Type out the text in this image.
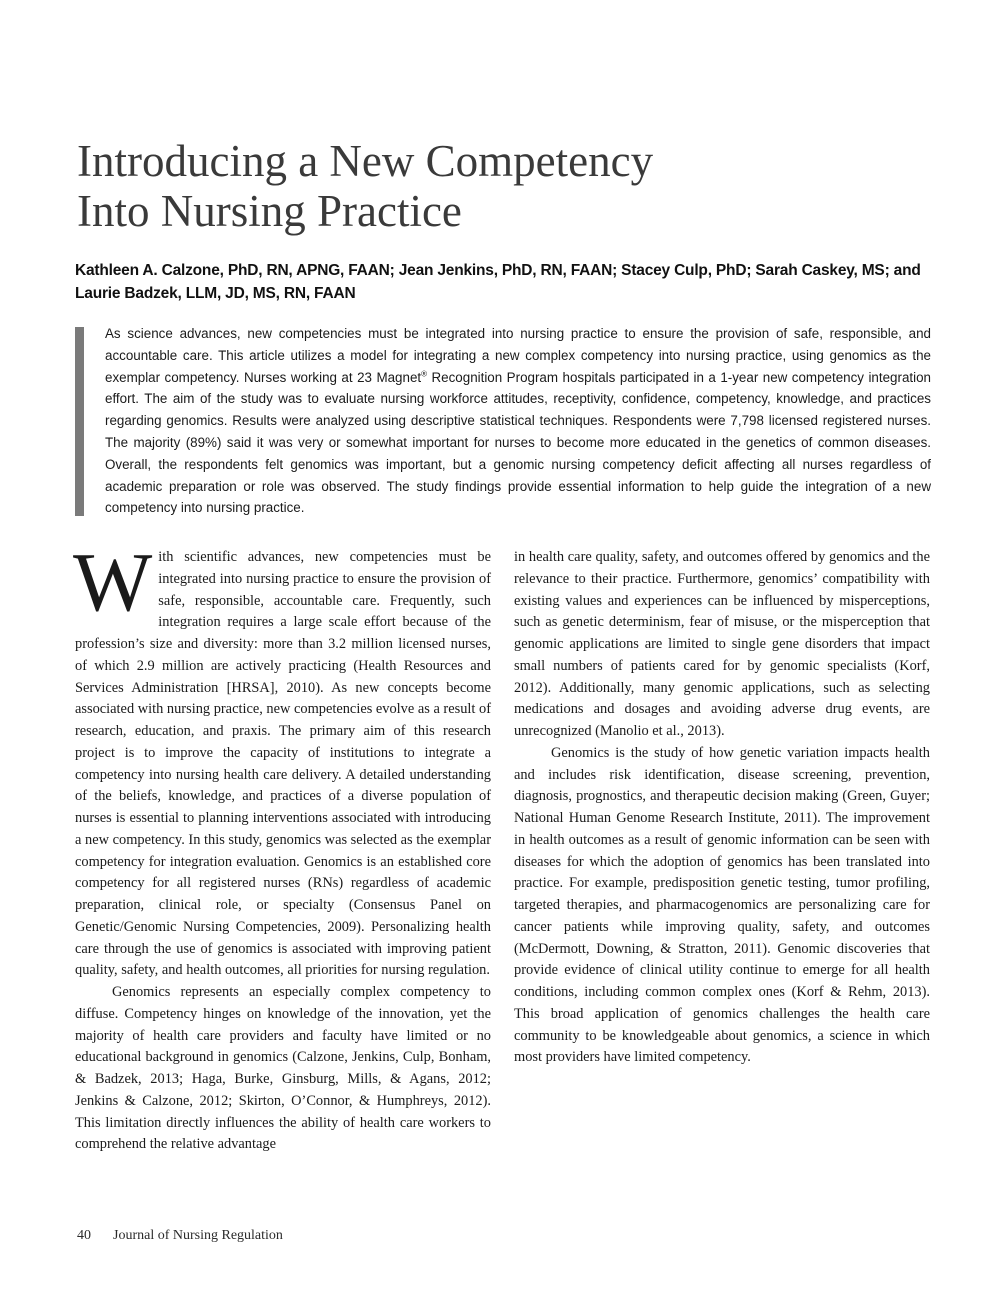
Introducing a New Competency
Into Nursing Practice
Kathleen A. Calzone, PhD, RN, APNG, FAAN; Jean Jenkins, PhD, RN, FAAN; Stacey Culp, PhD; Sarah Caskey, MS; and Laurie Badzek, LLM, JD, MS, RN, FAAN

As science advances, new competencies must be integrated into nursing practice to ensure the provision of safe, responsible, and accountable care. This article utilizes a model for integrating a new complex competency into nursing practice, using genomics as the exemplar competency. Nurses working at 23 Magnet® Recognition Program hospitals participated in a 1-year new competency integration effort. The aim of the study was to evaluate nursing workforce attitudes, receptivity, confidence, competency, knowledge, and practices regarding genomics. Results were analyzed using descriptive statistical techniques. Respondents were 7,798 licensed registered nurses. The majority (89%) said it was very or somewhat important for nurses to become more educated in the genetics of common diseases. Overall, the respondents felt genomics was important, but a genomic nursing competency deficit affecting all nurses regardless of academic preparation or role was observed. The study findings provide essential information to help guide the integration of a new competency into nursing practice.

With scientific advances, new competencies must be integrated into nursing practice to ensure the provision of safe, responsible, accountable care. Frequently, such integration requires a large scale effort because of the profession’s size and diversity: more than 3.2 million licensed nurses, of which 2.9 million are actively practicing (Health Resources and Services Administration [HRSA], 2010). As new concepts become associated with nursing practice, new competencies evolve as a result of research, education, and praxis. The primary aim of this research project is to improve the capacity of institutions to integrate a competency into nursing health care delivery. A detailed understanding of the beliefs, knowledge, and practices of a diverse population of nurses is essential to planning interventions associated with introducing a new competency. In this study, genomics was selected as the exemplar competency for integration evaluation. Genomics is an established core competency for all registered nurses (RNs) regardless of academic preparation, clinical role, or specialty (Consensus Panel on Genetic/Genomic Nursing Competencies, 2009). Personalizing health care through the use of genomics is associated with improving patient quality, safety, and health outcomes, all priorities for nursing regulation.

Genomics represents an especially complex competency to diffuse. Competency hinges on knowledge of the innovation, yet the majority of health care providers and faculty have limited or no educational background in genomics (Calzone, Jenkins, Culp, Bonham, & Badzek, 2013; Haga, Burke, Ginsburg, Mills, & Agans, 2012; Jenkins & Calzone, 2012; Skirton, O’Connor, & Humphreys, 2012). This limitation directly influences the ability of health care workers to comprehend the relative advantage

in health care quality, safety, and outcomes offered by genomics and the relevance to their practice. Furthermore, genomics’ compatibility with existing values and experiences can be influenced by misperceptions, such as genetic determinism, fear of misuse, or the misperception that genomic applications are limited to single gene disorders that impact small numbers of patients cared for by genomic specialists (Korf, 2012). Additionally, many genomic applications, such as selecting medications and dosages and avoiding adverse drug events, are unrecognized (Manolio et al., 2013).

Genomics is the study of how genetic variation impacts health and includes risk identification, disease screening, prevention, diagnosis, prognostics, and therapeutic decision making (Green, Guyer; National Human Genome Research Institute, 2011). The improvement in health outcomes as a result of genomic information can be seen with diseases for which the adoption of genomics has been translated into practice. For example, predisposition genetic testing, tumor profiling, targeted therapies, and pharmacogenomics are personalizing care for cancer patients while improving quality, safety, and outcomes (McDermott, Downing, & Stratton, 2011). Genomic discoveries that provide evidence of clinical utility continue to emerge for all health conditions, including common complex ones (Korf & Rehm, 2013). This broad application of genomics challenges the health care community to be knowledgeable about genomics, a science in which most providers have limited competency.

40 Journal of Nursing Regulation
